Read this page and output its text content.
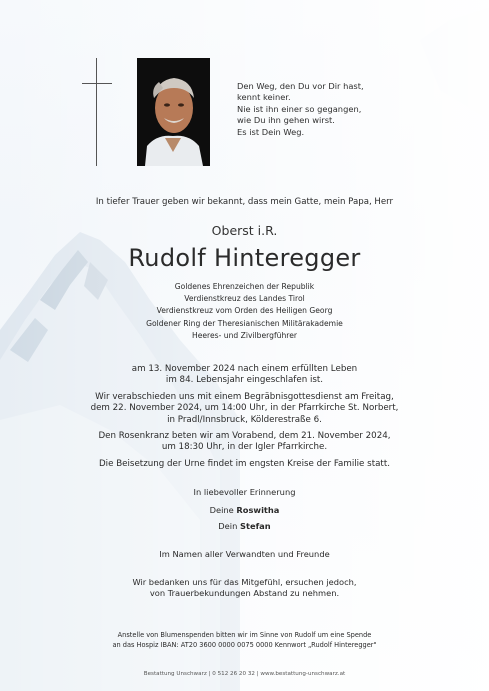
Den Weg, den Du vor Dir hast,
kennt keiner.
Nie ist ihn einer so gegangen,
wie Du ihn gehen wirst.
Es ist Dein Weg.
In tiefer Trauer geben wir bekannt, dass mein Gatte, mein Papa, Herr
Oberst i.R.
Rudolf Hinteregger
Goldenes Ehrenzeichen der Republik
Verdienstkreuz des Landes Tirol
Verdienstkreuz vom Orden des Heiligen Georg
Goldener Ring der Theresianischen Militärakademie
Heeres- und Zivilbergführer
am 13. November 2024 nach einem erfüllten Leben
im 84. Lebensjahr eingeschlafen ist.
Wir verabschieden uns mit einem Begräbnisgottesdienst am Freitag,
dem 22. November 2024, um 14:00 Uhr, in der Pfarrkirche St. Norbert,
in Pradl/Innsbruck, Kölderestraße 6.
Den Rosenkranz beten wir am Vorabend, dem 21. November 2024,
um 18:30 Uhr, in der Igler Pfarrkirche.
Die Beisetzung der Urne findet im engsten Kreise der Familie statt.
In liebevoller Erinnerung
Deine Roswitha
Dein Stefan
Im Namen aller Verwandten und Freunde
Wir bedanken uns für das Mitgefühl, ersuchen jedoch,
von Trauerbekundungen Abstand zu nehmen.
Anstelle von Blumenspenden bitten wir im Sinne von Rudolf um eine Spende
an das Hospiz IBAN: AT20 3600 0000 0075 0000 Kennwort „Rudolf Hinteregger"
Bestattung Unschwarz | 0 512 26 20 32 | www.bestattung-unschwarz.at
